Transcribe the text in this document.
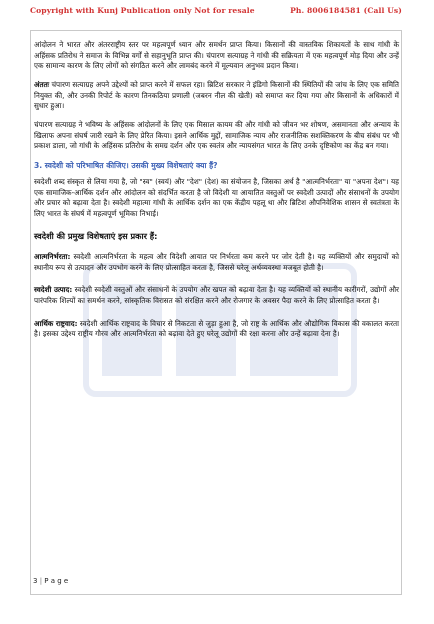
Copyright with Kunj Publication only Not for resale	Ph. 8006184581 (Call Us)

आंदोलन ने भारत और अंतरराष्ट्रीय स्तर पर महत्वपूर्ण ध्यान और समर्थन प्राप्त किया। किसानों की वास्तविक शिकायतों के साथ गांधी के अहिंसक प्रतिरोध ने समाज के विभिन्न वर्गों से सहानुभूति प्राप्त की। चंपारण सत्याग्रह ने गांधी की सक्रियता में एक महत्वपूर्ण मोड़ दिया और उन्हें एक सामान्य कारण के लिए लोगों को संगठित करने और लामबंद करने में मूल्यवान अनुभव प्रदान किया।

अंततः चंपारण सत्याग्रह अपने उद्देश्यों को प्राप्त करने में सफल रहा। ब्रिटिश सरकार ने इंडिगो किसानों की स्थितियों की जांच के लिए एक समिति नियुक्त की, और उनकी रिपोर्ट के कारण तिनकठिया प्रणाली (जबरन नील की खेती) को समाप्त कर दिया गया और किसानों के अधिकारों में सुधार हुआ।

चंपारण सत्याग्रह ने भविष्य के अहिंसक आंदोलनों के लिए एक मिसाल कायम की और गांधी को जीवन भर शोषण, असमानता और अन्याय के खिलाफ अपना संघर्ष जारी रखने के लिए प्रेरित किया। इसने आर्थिक मुद्दों, सामाजिक न्याय और राजनीतिक सशक्तिकरण के बीच संबंध पर भी प्रकाश डाला, जो गांधी के अहिंसक प्रतिरोध के समग्र दर्शन और एक स्वतंत्र और न्यायसंगत भारत के लिए उनके दृष्टिकोण का केंद्र बन गया।

3. स्वदेशी को परिभाषित कीजिए। उसकी मुख्य विशेषताएं क्या हैं?

स्वदेशी शब्द संस्कृत से लिया गया है, जो "स्व" (स्वयं) और "देश" (देश) का संयोजन है, जिसका अर्थ है "आत्मनिर्भरता" या "अपना देश"। यह एक सामाजिक-आर्थिक दर्शन और आंदोलन को संदर्भित करता है जो विदेशी या आयातित वस्तुओं पर स्वदेशी उत्पादों और संसाधनों के उपयोग और प्रचार को बढ़ावा देता है। स्वदेशी महात्मा गांधी के आर्थिक दर्शन का एक केंद्रीय पहलू था और ब्रिटिश औपनिवेशिक शासन से स्वतंत्रता के लिए भारत के संघर्ष में महत्वपूर्ण भूमिका निभाई।

स्वदेशी की प्रमुख विशेषताएं इस प्रकार हैं:

आत्मनिर्भरता: स्वदेशी आत्मनिर्भरता के महत्व और विदेशी आयात पर निर्भरता कम करने पर जोर देती है। यह व्यक्तियों और समुदायों को स्थानीय रूप से उत्पादन और उपभोग करने के लिए प्रोत्साहित करता है, जिससे घरेलू अर्थव्यवस्था मजबूत होती है।

स्वदेशी उत्पाद: स्वदेशी स्वदेशी वस्तुओं और संसाधनों के उपयोग और खपत को बढ़ावा देता है। यह व्यक्तियों को स्थानीय कारीगरों, उद्योगों और पारंपरिक शिल्पों का समर्थन करने, सांस्कृतिक विरासत को संरक्षित करने और रोजगार के अवसर पैदा करने के लिए प्रोत्साहित करता है।

आर्थिक राष्ट्रवाद: स्वदेशी आर्थिक राष्ट्रवाद के विचार से निकटता से जुड़ा हुआ है, जो राष्ट्र के आर्थिक और औद्योगिक विकास की वकालत करता है। इसका उद्देश्य राष्ट्रीय गौरव और आत्मनिर्भरता को बढ़ावा देते हुए घरेलू उद्योगों की रक्षा करना और उन्हें बढ़ावा देना है।

3 | P a g e
